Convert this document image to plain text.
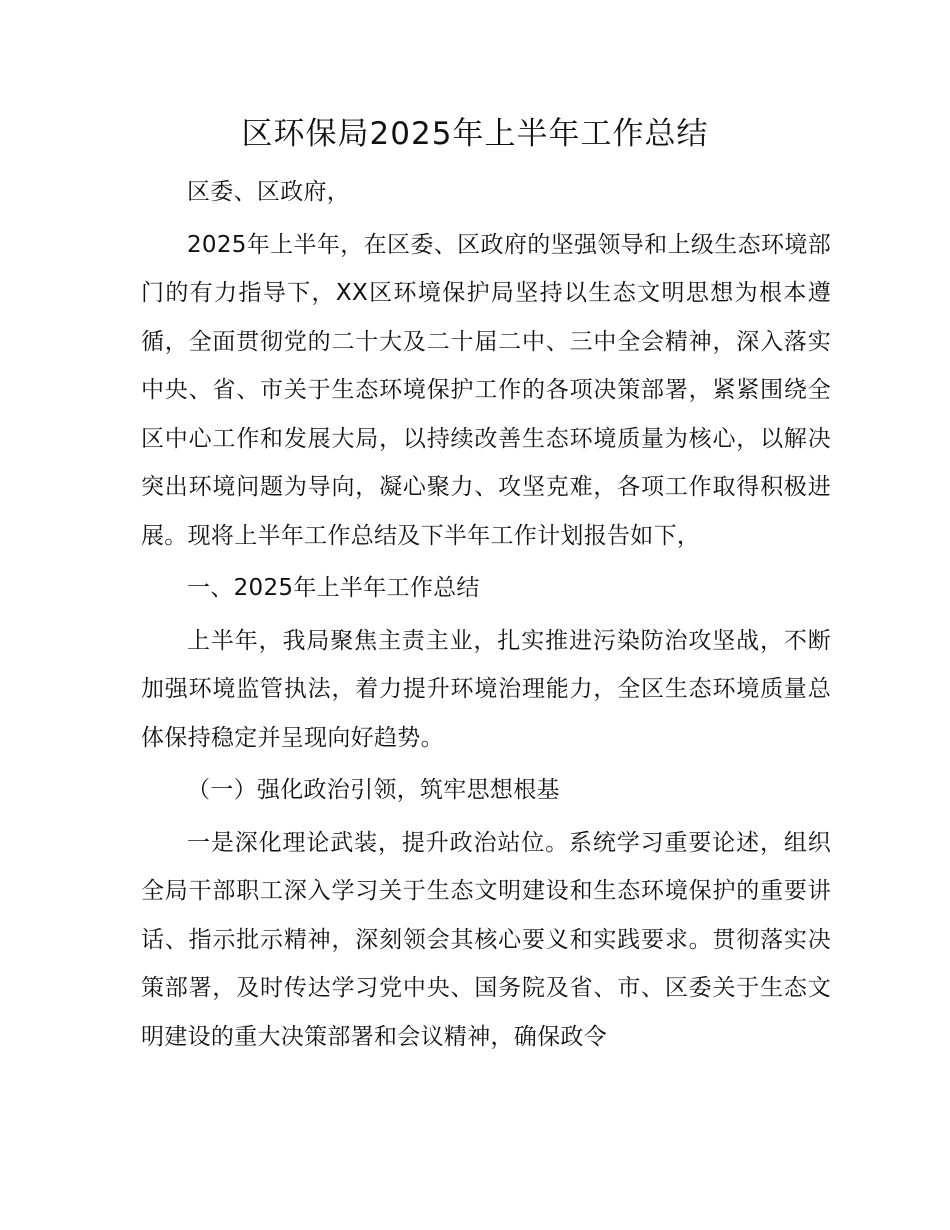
区环保局2025年上半年工作总结

区委、区政府，

2025年上半年，在区委、区政府的坚强领导和上级生态环境部门的有力指导下，XX区环境保护局坚持以生态文明思想为根本遵循，全面贯彻党的二十大及二十届二中、三中全会精神，深入落实中央、省、市关于生态环境保护工作的各项决策部署，紧紧围绕全区中心工作和发展大局，以持续改善生态环境质量为核心，以解决突出环境问题为导向，凝心聚力、攻坚克难，各项工作取得积极进展。现将上半年工作总结及下半年工作计划报告如下，

一、2025年上半年工作总结

上半年，我局聚焦主责主业，扎实推进污染防治攻坚战，不断加强环境监管执法，着力提升环境治理能力，全区生态环境质量总体保持稳定并呈现向好趋势。

（一）强化政治引领，筑牢思想根基

一是深化理论武装，提升政治站位。系统学习重要论述，组织全局干部职工深入学习关于生态文明建设和生态环境保护的重要讲话、指示批示精神，深刻领会其核心要义和实践要求。贯彻落实决策部署，及时传达学习党中央、国务院及省、市、区委关于生态文明建设的重大决策部署和会议精神，确保政令
